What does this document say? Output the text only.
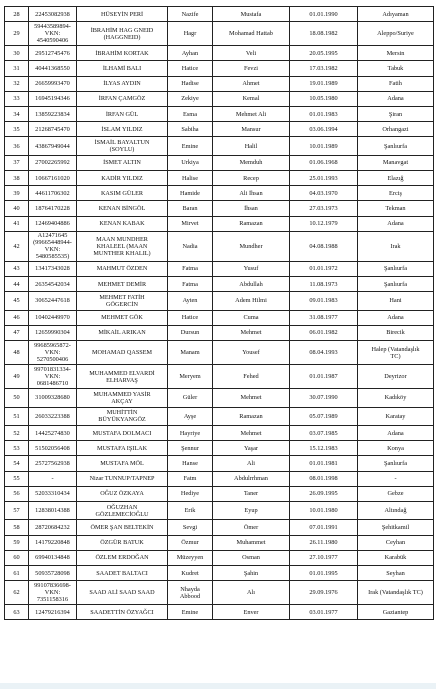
28	22453082938	HÜSEYİN PERİ	Nazife	Mustafa	01.01.1990	Adıyaman
29	59443589894-
VKN:
4540590406	İBRAHİM HAG GNEID
(HAGGNEID)	Hagr	Mohamad Hattab	18.08.1982	Aleppo/Suriye
30	29512745476	İBRAHİM KORTAK	Ayhan	Veli	20.05.1995	Mersin
31	40441368550	İLHAMİ BALI	Hatice	Fevzi	17.03.1982	Tabuk
32	26659993470	İLYAS AYDIN	Hadise	Ahmet	19.01.1989	Fatih
33	16945194346	İRFAN ÇAMGÖZ	Zekiye	Kemal	10.05.1980	Adana
34	13859223834	İRFAN GÜL	Esma	Mehmet Ali	01.01.1983	Şiran
35	21268745470	İSLAM YILDIZ	Sabiha	Mansur	03.06.1994	Orhangazi
36	43867949044	İSMAİL BAYALTUN
(SOYLU)	Emine	Halil	10.01.1989	Şanlıurfa
37	27002265992	İSMET ALTIN	Urkiya	Memduh	01.06.1968	Manavgat
38	10667161020	KADİR YILDIZ	Halise	Recep	25.01.1993	Elazığ
39	44611706302	KASIM GÜLER	Hamide	Ali İhsan	04.03.1970	Erciş
40	18764170228	KENAN BİNGÖL	Baran	İhsan	27.03.1973	Tekman
41	12469404886	KENAN KABAK	Mirvet	Ramazan	10.12.1979	Adana
42	A12471645
(99665448944-
VKN:
5480585535)	MAAN MUNDHER
KHALEEL (MAAN
MUNTHER KHALIL)	Nadia	Mundher	04.08.1988	Irak
43	13417343028	MAHMUT ÖZDEN	Fatma	Yusuf	01.01.1972	Şanlıurfa
44	26354542034	MEHMET DEMİR	Fatma	Abdullah	11.08.1973	Şanlıurfa
45	30652447618	MEHMET FATİH
GÖGERCİN	Ayten	Adem Hilmi	09.01.1983	Hani
46	10402449970	MEHMET GÖK	Hatice	Cuma	31.08.1977	Adana
47	12659990304	MİKAİL ARIKAN	Dursun	Mehmet	06.01.1982	Birecik
48	99685965872-
VKN:
5270500406	MOHAMAD QASSEM	Manam	Yousef	08.04.1993	Halep (Vatandaşlık
TC)
49	99701831334-
VKN:
0681486710	MUHAMMED ELVARDİ
ELHARVAŞ	Meryem	Fehed	01.01.1987	Deyrizor
50	31009328680	MUHAMMED YASİR
AKÇAY	Güler	Mehmet	30.07.1990	Kadıköy
51	26033223388	MUHİTTİN
BÜYÜKYANGÖZ	Ayşe	Ramazan	05.07.1989	Karatay
52	14425274830	MUSTAFA DOLMACI	Hayriye	Mehmet	03.07.1985	Adana
53	51502056408	MUSTAFA IŞILAK	Şennur	Yaşar	15.12.1983	Konya
54	25727562938	MUSTAFA MÖL	Hanse	Ali	01.01.1981	Şanlıurfa
55	-	Nizar TUNNUP/TAPNEP	Fatm	Abdulrrhman	08.01.1998	-
56	52033310434	OĞUZ ÖZKAYA	Hediye	Taner	26.09.1995	Gebze
57	12838014388	OĞUZHAN
GÖZLEMECİOĞLU	Erik	Eyup	10.01.1980	Altındağ
58	28720684232	ÖMER ŞAN BELTEKİN	Sevgi	Ömer	07.01.1991	Şehitkamil
59	14179220848	ÖZGÜR BATUK	Özmur	Muhammet	26.11.1980	Ceyhan
60	69940134848	ÖZLEM ERDOĞAN	Müzeyyen	Osman	27.10.1977	Karabük
61	50935728098	SAADET BALTACI	Kudret	Şahin	01.01.1995	Seyhan
62	99107836698-
VKN:
7351158316	SAAD ALİ SAAD SAAD	Nhayda
Abbood	Alı	29.09.1976	Irak (Vatandaşlık TC)
63	12479216394	SAADETTİN ÖZYAĞCI	Emine	Enver	03.01.1977	Gaziantep
